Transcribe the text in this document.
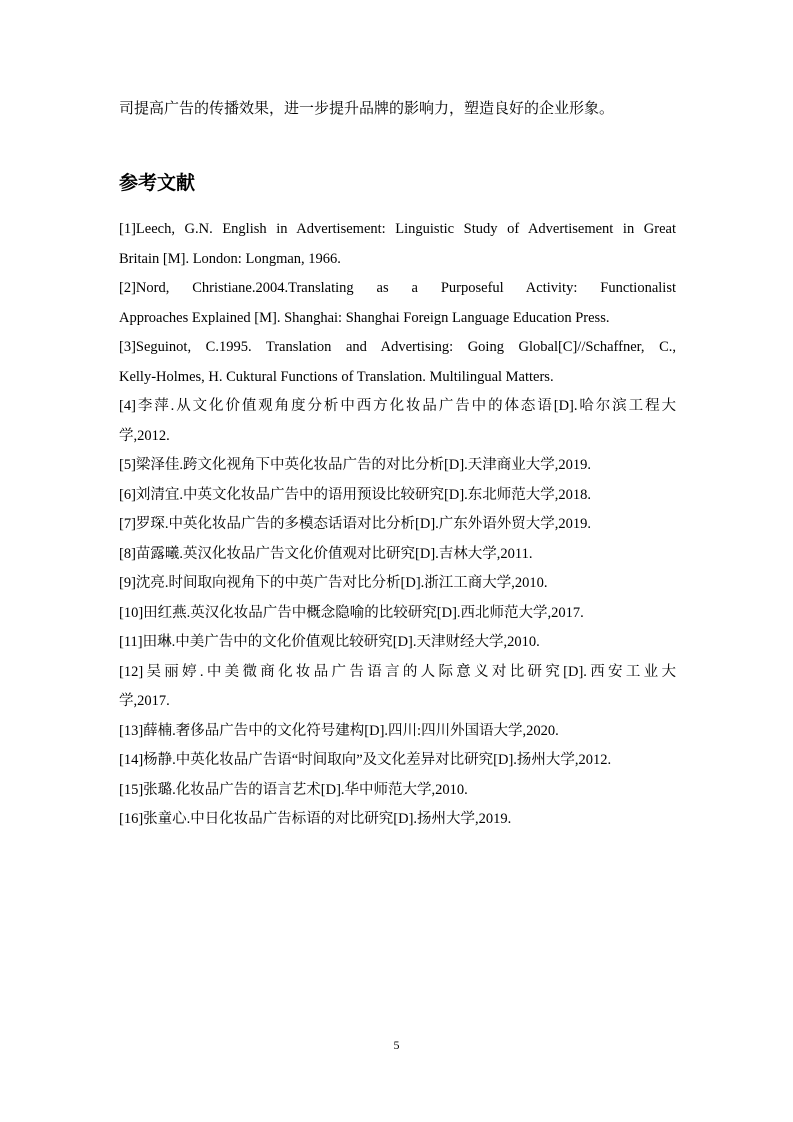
司提高广告的传播效果，进一步提升品牌的影响力，塑造良好的企业形象。
参考文献
[1]Leech, G.N. English in Advertisement: Linguistic Study of Advertisement in Great
Britain [M]. London: Longman, 1966.
[2]Nord, Christiane.2004.Translating as a Purposeful Activity: Functionalist
Approaches Explained [M]. Shanghai: Shanghai Foreign Language Education Press.
[3]Seguinot, C.1995. Translation and Advertising: Going Global[C]//Schaffner, C.,
Kelly-Holmes, H. Cuktural Functions of Translation. Multilingual Matters.
[4]李萍.从文化价值观角度分析中西方化妆品广告中的体态语[D].哈尔滨工程大
学,2012.
[5]梁泽佳.跨文化视角下中英化妆品广告的对比分析[D].天津商业大学,2019.
[6]刘清宜.中英文化妆品广告中的语用预设比较研究[D].东北师范大学,2018.
[7]罗琛.中英化妆品广告的多模态话语对比分析[D].广东外语外贸大学,2019.
[8]苗露曦.英汉化妆品广告文化价值观对比研究[D].吉林大学,2011.
[9]沈亮.时间取向视角下的中英广告对比分析[D].浙江工商大学,2010.
[10]田红燕.英汉化妆品广告中概念隐喻的比较研究[D].西北师范大学,2017.
[11]田琳.中美广告中的文化价值观比较研究[D].天津财经大学,2010.
[12]吴丽婷.中美微商化妆品广告语言的人际意义对比研究[D].西安工业大
学,2017.
[13]薛楠.奢侈品广告中的文化符号建构[D].四川:四川外国语大学,2020.
[14]杨静.中英化妆品广告语“时间取向”及文化差异对比研究[D].扬州大学,2012.
[15]张璐.化妆品广告的语言艺术[D].华中师范大学,2010.
[16]张童心.中日化妆品广告标语的对比研究[D].扬州大学,2019.
5
